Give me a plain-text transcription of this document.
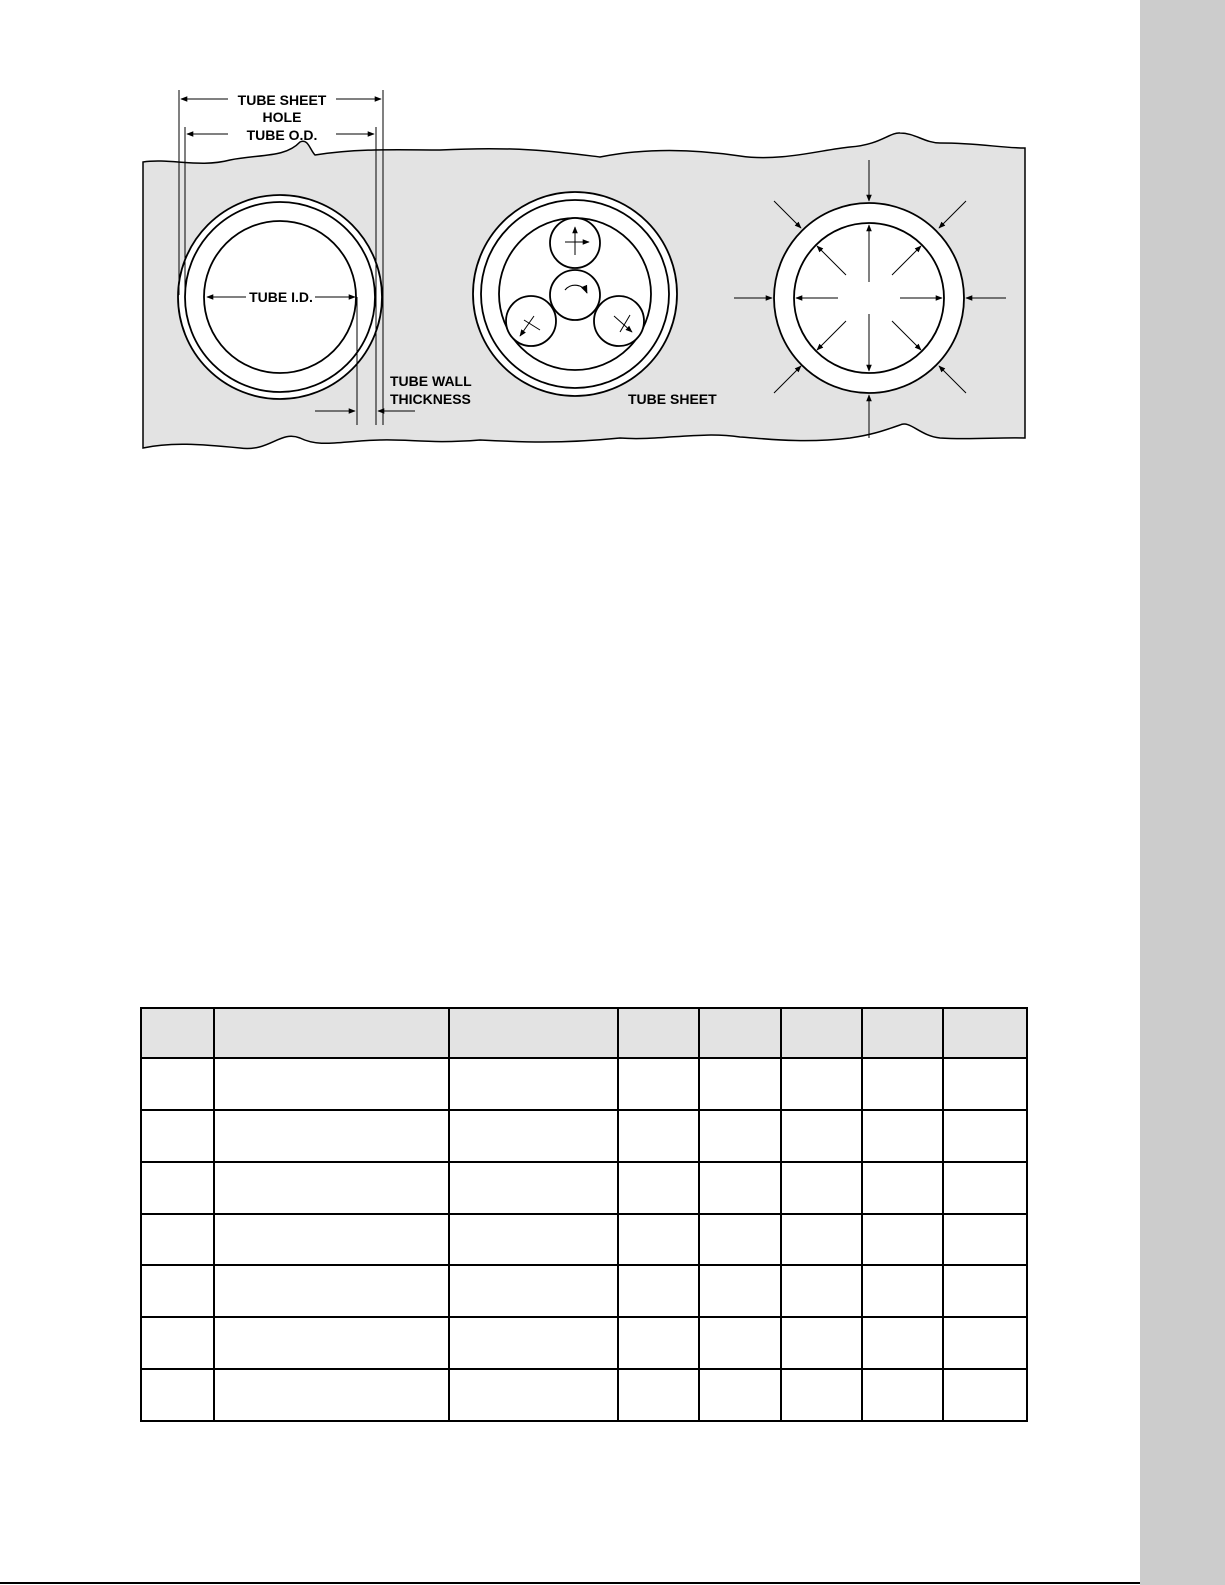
TUBE SHEET
HOLE
TUBE O.D.
TUBE I.D.
TUBE WALL
THICKNESS	TUBE SHEET
